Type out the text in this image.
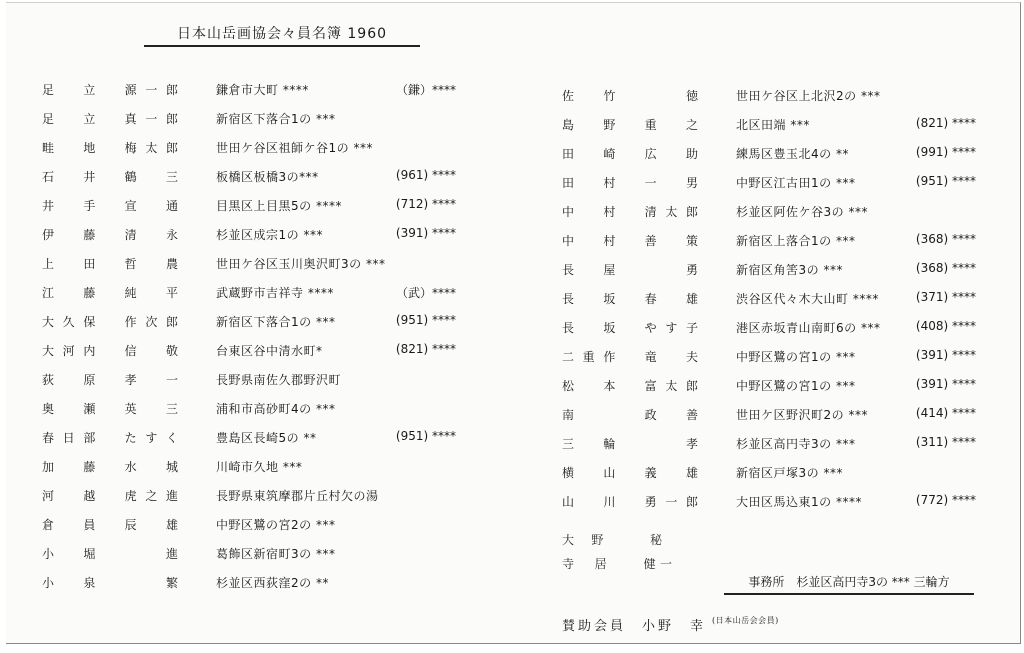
日本山岳画協会々員名簿 1960
足　立　源一郎	鎌倉市大町 ****	（鎌）****
足　立　真一郎	新宿区下落合1の ***
畦　地　梅太郎	世田ケ谷区祖師ケ谷1の ***
石　井　鶴　三	板橋区板橋3の***	(961) ****
井　手　宣　通	目黒区上目黒5の ****	(712) ****
伊　藤　清　永	杉並区成宗1の ***	(391) ****
上　田　哲　農	世田ケ谷区玉川奥沢町3の ***
江　藤　純　平	武蔵野市吉祥寺 ****	（武）****
大久保　作次郎	新宿区下落合1の ***	(951) ****
大河内　信　敬	台東区谷中清水町*	(821) ****
荻　原　孝　一	長野県南佐久郡野沢町
奥　瀬　英　三	浦和市高砂町4の ***
春日部　たすく	豊島区長崎5の **	(951) ****
加　藤　水　城	川崎市久地 ***
河　越　虎之進	長野県東筑摩郡片丘村欠の湯
倉　員　辰　雄	中野区鷺の宮2の ***
小　堀　　　進	葛飾区新宿町3の ***
小　泉　　　繁	杉並区西荻窪2の **
佐　竹　　　徳	世田ケ谷区上北沢2の ***
島　野　重　之	北区田端 ***	(821) ****
田　崎　広　助	練馬区豊玉北4の **	(991) ****
田　村　一　男	中野区江古田1の ***	(951) ****
中　村　清太郎	杉並区阿佐ケ谷3の ***
中　村　善　策	新宿区上落合1の ***	(368) ****
長　屋　　　勇	新宿区角筈3の ***	(368) ****
長　坂　春　雄	渋谷区代々木大山町 ****	(371) ****
長　坂　やす子	港区赤坂青山南町6の ***	(408) ****
二重作　竜　夫	中野区鷺の宮1の ***	(391) ****
松　本　富太郎	中野区鷺の宮1の ***	(391) ****
南　　　政　善	世田ケ区野沢町2の ***	(414) ****
三　輪　　　孝	杉並区高円寺3の ***	(311) ****
横　山　義　雄	新宿区戸塚3の ***
山　川　勇一郎	大田区馬込東1の ****	(772) ****
大　野　　　秘
寺　居　　健一
事務所　杉並区高円寺3の *** 三輪方
賛助会員　小野　幸 (日本山岳会会員)
